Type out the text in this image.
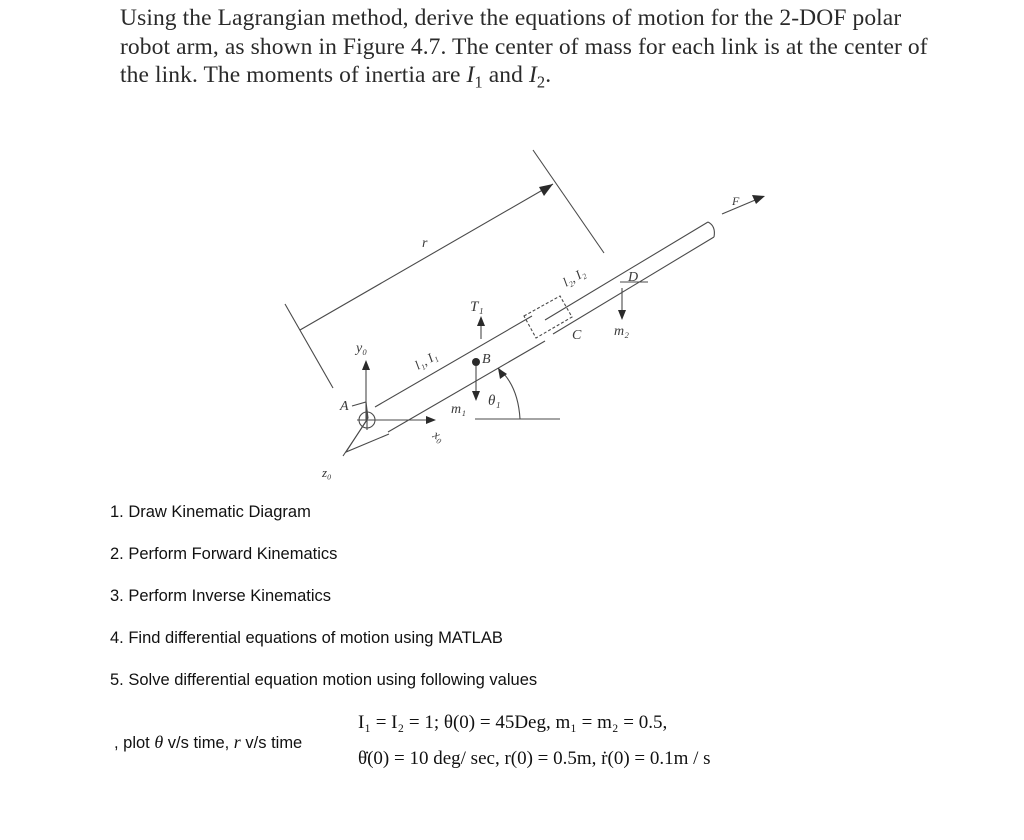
Using the Lagrangian method, derive the equations of motion for the 2-DOF polar
robot arm, as shown in Figure 4.7. The center of mass for each link is at the center of
the link. The moments of inertia are $I_1$ and $I_2$.
r
F
l₂, I₂	D
T₁
C m₂
y₀	l₁, I₁	B
A	m₁
θ₁
x₀
z₀
1. Draw Kinematic Diagram
2. Perform Forward Kinematics
3. Perform Inverse Kinematics
4. Find differential equations of motion using MATLAB
5. Solve differential equation motion using following values
, plot θ v/s time, r v/s time
I₁ = I₂ = 1; θ(0) = 45Deg, m₁ = m₂ = 0.5,
θ̇(0) = 10 deg/ sec, r(0) = 0.5m, ṙ(0) = 0.1m / s
